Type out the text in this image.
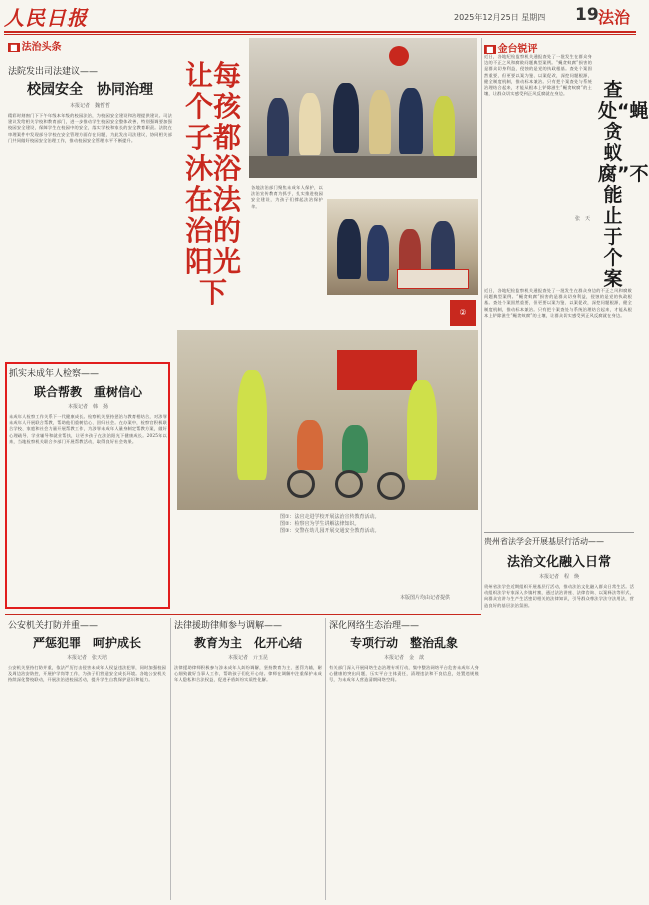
人民日报	2025年12月25日 星期四 19 法治
■ 法治头条
法院发出司法建议——
校园安全　协同治理
本报记者　魏哲哲
精彩时刻窗门下下午年级本年级的校园法治，为校园安全建设和治理提供建议。司法建议发给相关学校和教育部门，进一步推动学生校园安全整体改善，特别强调要加强校园安全建设，保障学生在校园中的安全，落实学校和家长的安全教育职责。法院在审理案件中发现部分学校在安全管理方面存在问题，为此发出司法建议，协同相关部门共同做好校园安全治理工作，推动校园安全管理水平不断提升。
抓实未成年人检察——
联合帮教　重树信心
本报记者　韩　扬
未成年人检察工作关系下一代健康成长。检察机关坚持惩治与教育相结合，对涉罪未成年人开展联合帮教，帮助他们重树信心、回归社会。在办案中，检察官积极联合学校、家庭和社会力量开展帮教工作，为涉罪未成年人量身制定帮教方案，做好心理疏导、学业辅导和就业帮扶，让更多孩子在法治阳光下健康成长。2025年以来，当地检察机关联合多部门开展帮教活动，取得良好社会效果。
让每个孩子都沐浴在法治的阳光下
各地法治部门聚焦未成年人保护，以法治宣传教育为抓手，扎实推进校园安全建设，为孩子们撑起法治保护伞。
②
图①：法官走进学校开展法治宣传教育活动。
图②：检察官为学生讲解法律知识。
图③：交警在幼儿园开展交通安全教育活动。
本版图片均由记者提供
■ 金台锐评
查处“蝇贪蚁腐”不能止于个案
张　天
近日，各地纪检监察机关通报查处了一批发生在群众身边的不正之风和腐败问题典型案例。“蝇贪蚁腐”损害的是群众切身利益，侵蚀的是党的执政根基。查处个案固然重要，但更要以案为鉴、以案促改，深挖问题根源，健全制度机制，推动标本兼治。只有把个案查处与系统治理结合起来，才能从根本上铲除滋生“蝇贪蚁腐”的土壤，让群众切实感受到正风反腐就在身边。
近日，各地纪检监察机关通报查处了一批发生在群众身边的不正之风和腐败问题典型案例。“蝇贪蚁腐”损害的是群众切身利益，侵蚀的是党的执政根基。查处个案固然重要，但更要以案为鉴、以案促改，深挖问题根源，健全制度机制，推动标本兼治。只有把个案查处与系统治理结合起来，才能从根本上铲除滋生“蝇贪蚁腐”的土壤，让群众切实感受到正风反腐就在身边。
贵州省法学会开展基层行活动——
法治文化融入日常
本报记者　程　焕
贵州省法学会近期组织开展基层行活动，推动法治文化融入群众日常生活。活动组织法学专家深入乡镇村寨，通过法治讲座、法律咨询、以案释法等形式，向群众宣讲与生产生活密切相关的法律知识，引导群众尊法学法守法用法，营造良好的基层法治氛围。
公安机关打防并重——
严惩犯罪　呵护成长
本报记者　张天培
公安机关坚持打防并重，依法严厉打击侵害未成年人权益违法犯罪，同时加强校园及周边治安防控，开展护学岗等工作，为孩子们营造安全成长环境。各地公安机关持续深化警校联动，开展法治进校园活动，提升学生自我保护意识和能力。
法律援助律师参与调解——
教育为主　化开心结
本报记者　亓玉昆
法律援助律师积极参与涉未成年人纠纷调解，坚持教育为主、惩罚为辅，耐心细致做好当事人工作，帮助孩子们化开心结。律师在调解中注重保护未成年人隐私和合法权益，促进矛盾纠纷实质性化解。
深化网络生态治理——
专项行动　整治乱象
本报记者　金　歆
有关部门深入开展网络生态治理专项行动，集中整治网络平台危害未成年人身心健康的突出问题，压实平台主体责任，清理违法和不良信息，处置违规账号，为未成年人营造清朗网络空间。
